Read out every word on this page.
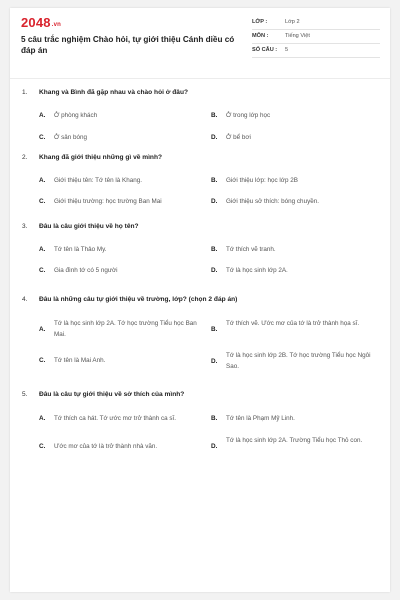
2048.vn
5 câu trắc nghiệm Chào hỏi, tự giới thiệu Cánh diều có đáp án
LỚP :	Lớp 2
MÔN :	Tiếng Việt
SỐ CÂU : 5
1. Khang và Bình đã gặp nhau và chào hỏi ở đâu?
A. Ở phòng khách	B. Ở trong lớp học
C. Ở sân bóng	D. Ở bể bơi
2. Khang đã giới thiệu những gì về mình?
A. Giới thiệu tên: Tớ tên là Khang.	B. Giới thiệu lớp: học lớp 2B
C. Giới thiệu trường: học trường Ban Mai	D. Giới thiệu sở thích: bóng chuyền.
3. Đâu là câu giới thiệu về họ tên?
A. Tớ tên là Thảo My.	B. Tớ thích vẽ tranh.
C. Gia đình tớ có 5 người	D. Tớ là học sinh lớp 2A.
4. Đâu là những câu tự giới thiệu về trường, lớp? (chọn 2 đáp án)
A.
Tớ là học sinh lớp 2A. Tớ học trường Tiểu học Ban Mai.
B.
Tớ thích vẽ. Ước mơ của tớ là trở thành họa sĩ.
C. Tớ tên là Mai Anh.	D.
Tớ là học sinh lớp 2B. Tớ học trường Tiểu học Ngôi Sao.
5. Đâu là câu tự giới thiệu về sở thích của mình?
A. Tớ thích ca hát. Tớ ước mơ trở thành ca sĩ.	B. Tớ tên là Phạm Mỹ Linh.
C. Ước mơ của tớ là trở thành nhà văn.	D.
Tớ là học sinh lớp 2A. Trường Tiểu học Thỏ con.
